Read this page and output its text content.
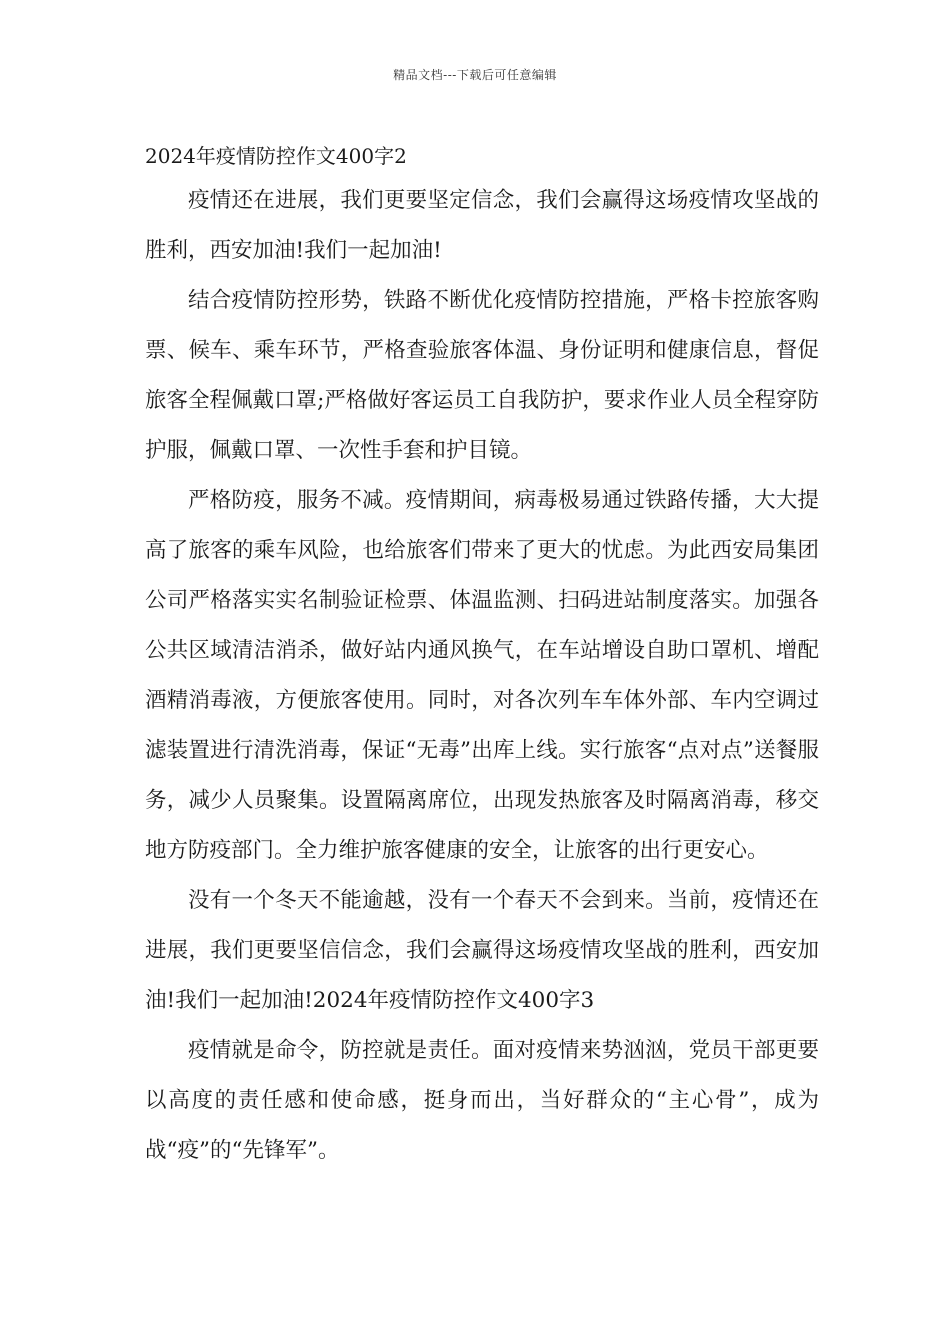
精品文档---下载后可任意编辑
2024年疫情防控作文400字2

疫情还在进展，我们更要坚定信念，我们会赢得这场疫情攻坚战的胜利，西安加油!我们一起加油!

结合疫情防控形势，铁路不断优化疫情防控措施，严格卡控旅客购票、候车、乘车环节，严格查验旅客体温、身份证明和健康信息，督促旅客全程佩戴口罩;严格做好客运员工自我防护，要求作业人员全程穿防护服，佩戴口罩、一次性手套和护目镜。

严格防疫，服务不减。疫情期间，病毒极易通过铁路传播，大大提高了旅客的乘车风险，也给旅客们带来了更大的忧虑。为此西安局集团公司严格落实实名制验证检票、体温监测、扫码进站制度落实。加强各公共区域清洁消杀，做好站内通风换气，在车站增设自助口罩机、增配酒精消毒液，方便旅客使用。同时，对各次列车车体外部、车内空调过滤装置进行清洗消毒，保证“无毒”出库上线。实行旅客“点对点”送餐服务，减少人员聚集。设置隔离席位，出现发热旅客及时隔离消毒，移交地方防疫部门。全力维护旅客健康的安全，让旅客的出行更安心。

没有一个冬天不能逾越，没有一个春天不会到来。当前，疫情还在进展，我们更要坚信信念，我们会赢得这场疫情攻坚战的胜利，西安加油!我们一起加油!2024年疫情防控作文400字3

疫情就是命令，防控就是责任。面对疫情来势汹汹，党员干部更要以高度的责任感和使命感，挺身而出，当好群众的“主心骨”，成为战“疫”的“先锋军”。
